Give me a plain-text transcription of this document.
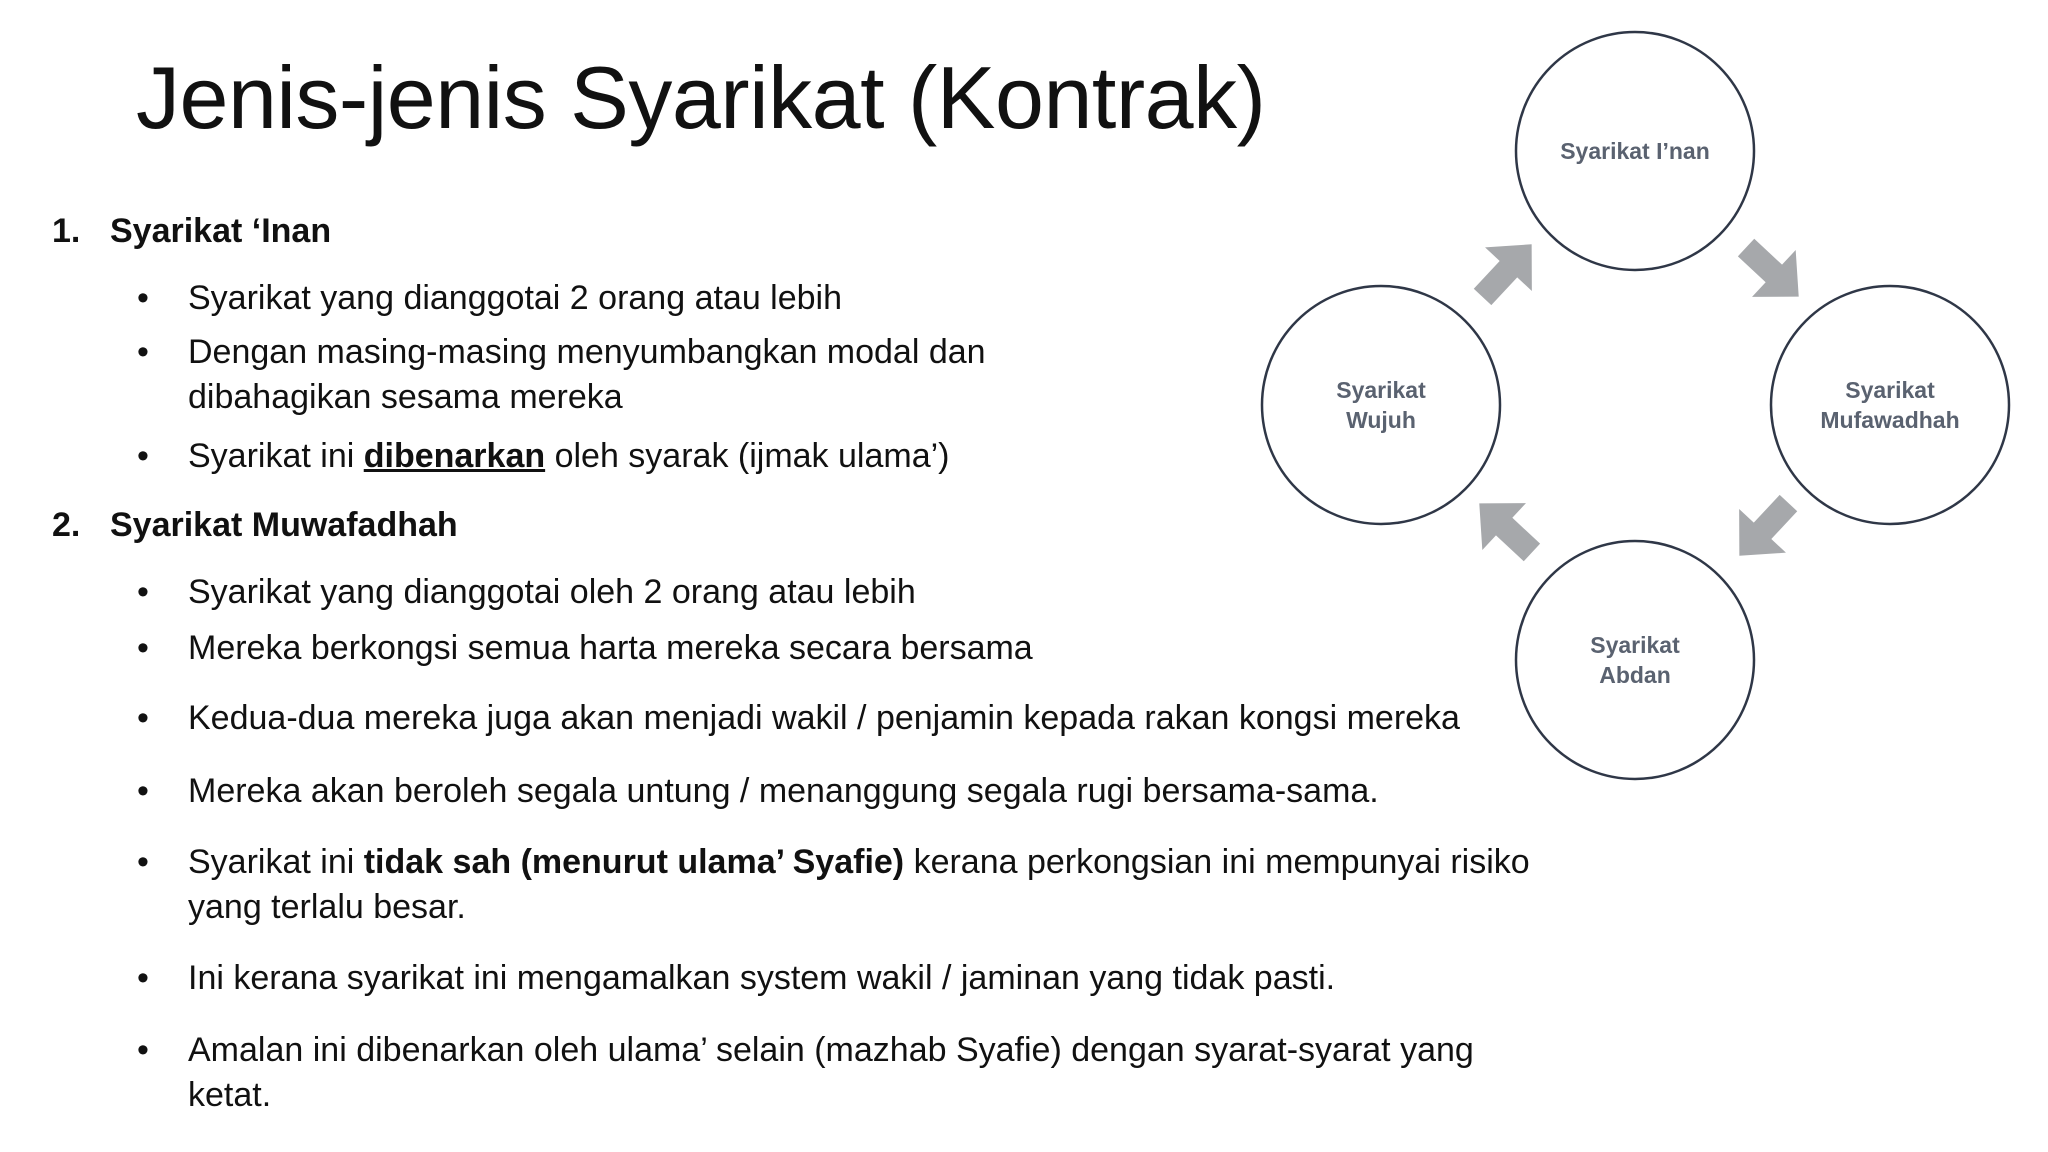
Jenis-jenis Syarikat (Kontrak)
1. Syarikat ‘Inan
• Syarikat yang dianggotai 2 orang atau lebih
• Dengan masing-masing menyumbangkan modal dan
dibahagikan sesama mereka
• Syarikat ini dibenarkan oleh syarak (ijmak ulama’)
2. Syarikat Muwafadhah
• Syarikat yang dianggotai oleh 2 orang atau lebih
• Mereka berkongsi semua harta mereka secara bersama
• Kedua-dua mereka juga akan menjadi wakil / penjamin kepada rakan kongsi mereka
• Mereka akan beroleh segala untung / menanggung segala rugi bersama-sama.
• Syarikat ini tidak sah (menurut ulama’ Syafie) kerana perkongsian ini mempunyai risiko
yang terlalu besar.
• Ini kerana syarikat ini mengamalkan system wakil / jaminan yang tidak pasti.
• Amalan ini dibenarkan oleh ulama’ selain (mazhab Syafie) dengan syarat-syarat yang
ketat.
Syarikat I’nan
Syarikat
Mufawadhah
Syarikat
Abdan
Syarikat
Wujuh
